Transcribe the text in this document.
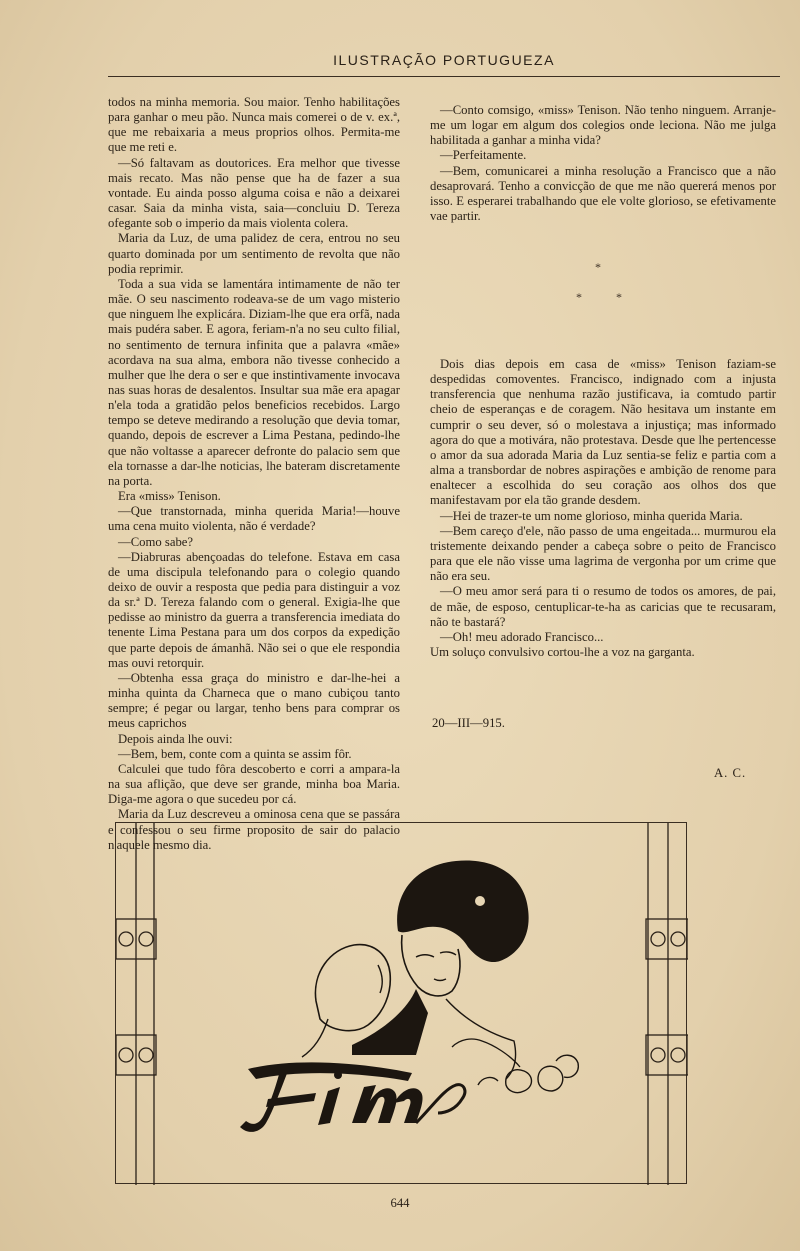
ILUSTRAÇÃO PORTUGUEZA

todos na minha memoria. Sou maior. Tenho habilitações para ganhar o meu pão. Nunca mais comerei o de v. ex.ª, que me rebaixaria a meus proprios olhos. Permita-me que me reti e.

—Só faltavam as doutorices. Era melhor que tivesse mais recato. Mas não pense que ha de fazer a sua vontade. Eu ainda posso alguma coisa e não a deixarei casar. Saia da minha vista, saia—concluiu D. Tereza ofegante sob o imperio da mais violenta colera.

Maria da Luz, de uma palidez de cera, entrou no seu quarto dominada por um sentimento de revolta que não podia reprimir.

Toda a sua vida se lamentára intimamente de não ter mãe. O seu nascimento rodeava-se de um vago misterio que ninguem lhe explicára. Diziam-lhe que era orfã, nada mais pudéra saber. E agora, feriam-n'a no seu culto filial, no sentimento de ternura infinita que a palavra «mãe» acordava na sua alma, embora não tivesse conhecido a mulher que lhe dera o ser e que instintivamente invocava nas suas horas de desalentos. Insultar sua mãe era apagar n'ela toda a gratidão pelos beneficios recebidos. Largo tempo se deteve medirando a resolução que devia tomar, quando, depois de escrever a Lima Pestana, pedindo-lhe que não voltasse a aparecer defronte do palacio sem que ela tornasse a dar-lhe noticias, lhe bateram discretamente na porta.

Era «miss» Tenison.

—Que transtornada, minha querida Maria!—houve uma cena muito violenta, não é verdade?

—Como sabe?

—Diabruras abençoadas do telefone. Estava em casa de uma discipula telefonando para o colegio quando deixo de ouvir a resposta que pedia para distinguir a voz da sr.ª D. Tereza falando com o general. Exigia-lhe que pedisse ao ministro da guerra a transferencia imediata do tenente Lima Pestana para um dos corpos da expedição que parte depois de ámanhã. Não sei o que ele respondia mas ouvi retorquir.

—Obtenha essa graça do ministro e dar-lhe-hei a minha quinta da Charneca que o mano cubiçou tanto sempre; é pegar ou largar, tenho bens para comprar os meus caprichos

Depois ainda lhe ouvi:

—Bem, bem, conte com a quinta se assim fôr.

Calculei que tudo fôra descoberto e corri a ampara-la na sua aflição, que deve ser grande, minha boa Maria. Diga-me agora o que sucedeu por cá.

Maria da Luz descreveu a ominosa cena que se passára e confessou o seu firme proposito de sair do palacio n'aquele mesmo dia.

—Conto comsigo, «miss» Tenison. Não tenho ninguem. Arranje-me um logar em algum dos colegios onde leciona. Não me julga habilitada a ganhar a minha vida?

—Perfeitamente.

—Bem, comunicarei a minha resolução a Francisco que a não desaprovará. Tenho a convicção de que me não quererá menos por isso. E esperarei trabalhando que ele volte glorioso, se efetivamente vae partir.

*
*	*

Dois dias depois em casa de «miss» Tenison faziam-se despedidas comoventes. Francisco, indignado com a injusta transferencia que nenhuma razão justificava, ia comtudo partir cheio de esperanças e de coragem. Não hesitava um instante em cumprir o seu dever, só o molestava a injustiça; mas informado agora do que a motivára, não protestava. Desde que lhe pertencesse o amor da sua adorada Maria da Luz sentia-se feliz e partia com a alma a transbordar de nobres aspirações e ambição de renome para enaltecer a escolhida do seu coração aos olhos dos que manifestavam por ela tão grande desdem.

—Hei de trazer-te um nome glorioso, minha querida Maria.

—Bem careço d'ele, não passo de uma engeitada... murmurou ela tristemente deixando pender a cabeça sobre o peito de Francisco para que ele não visse uma lagrima de vergonha por um crime que não era seu.

—O meu amor será para ti o resumo de todos os amores, de pai, de mãe, de esposo, centuplicar-te-ha as caricias que te recusaram, não te bastará?

—Oh! meu adorado Francisco...

Um soluço convulsivo cortou-lhe a voz na garganta.

20—III—915.
A. C.
644
